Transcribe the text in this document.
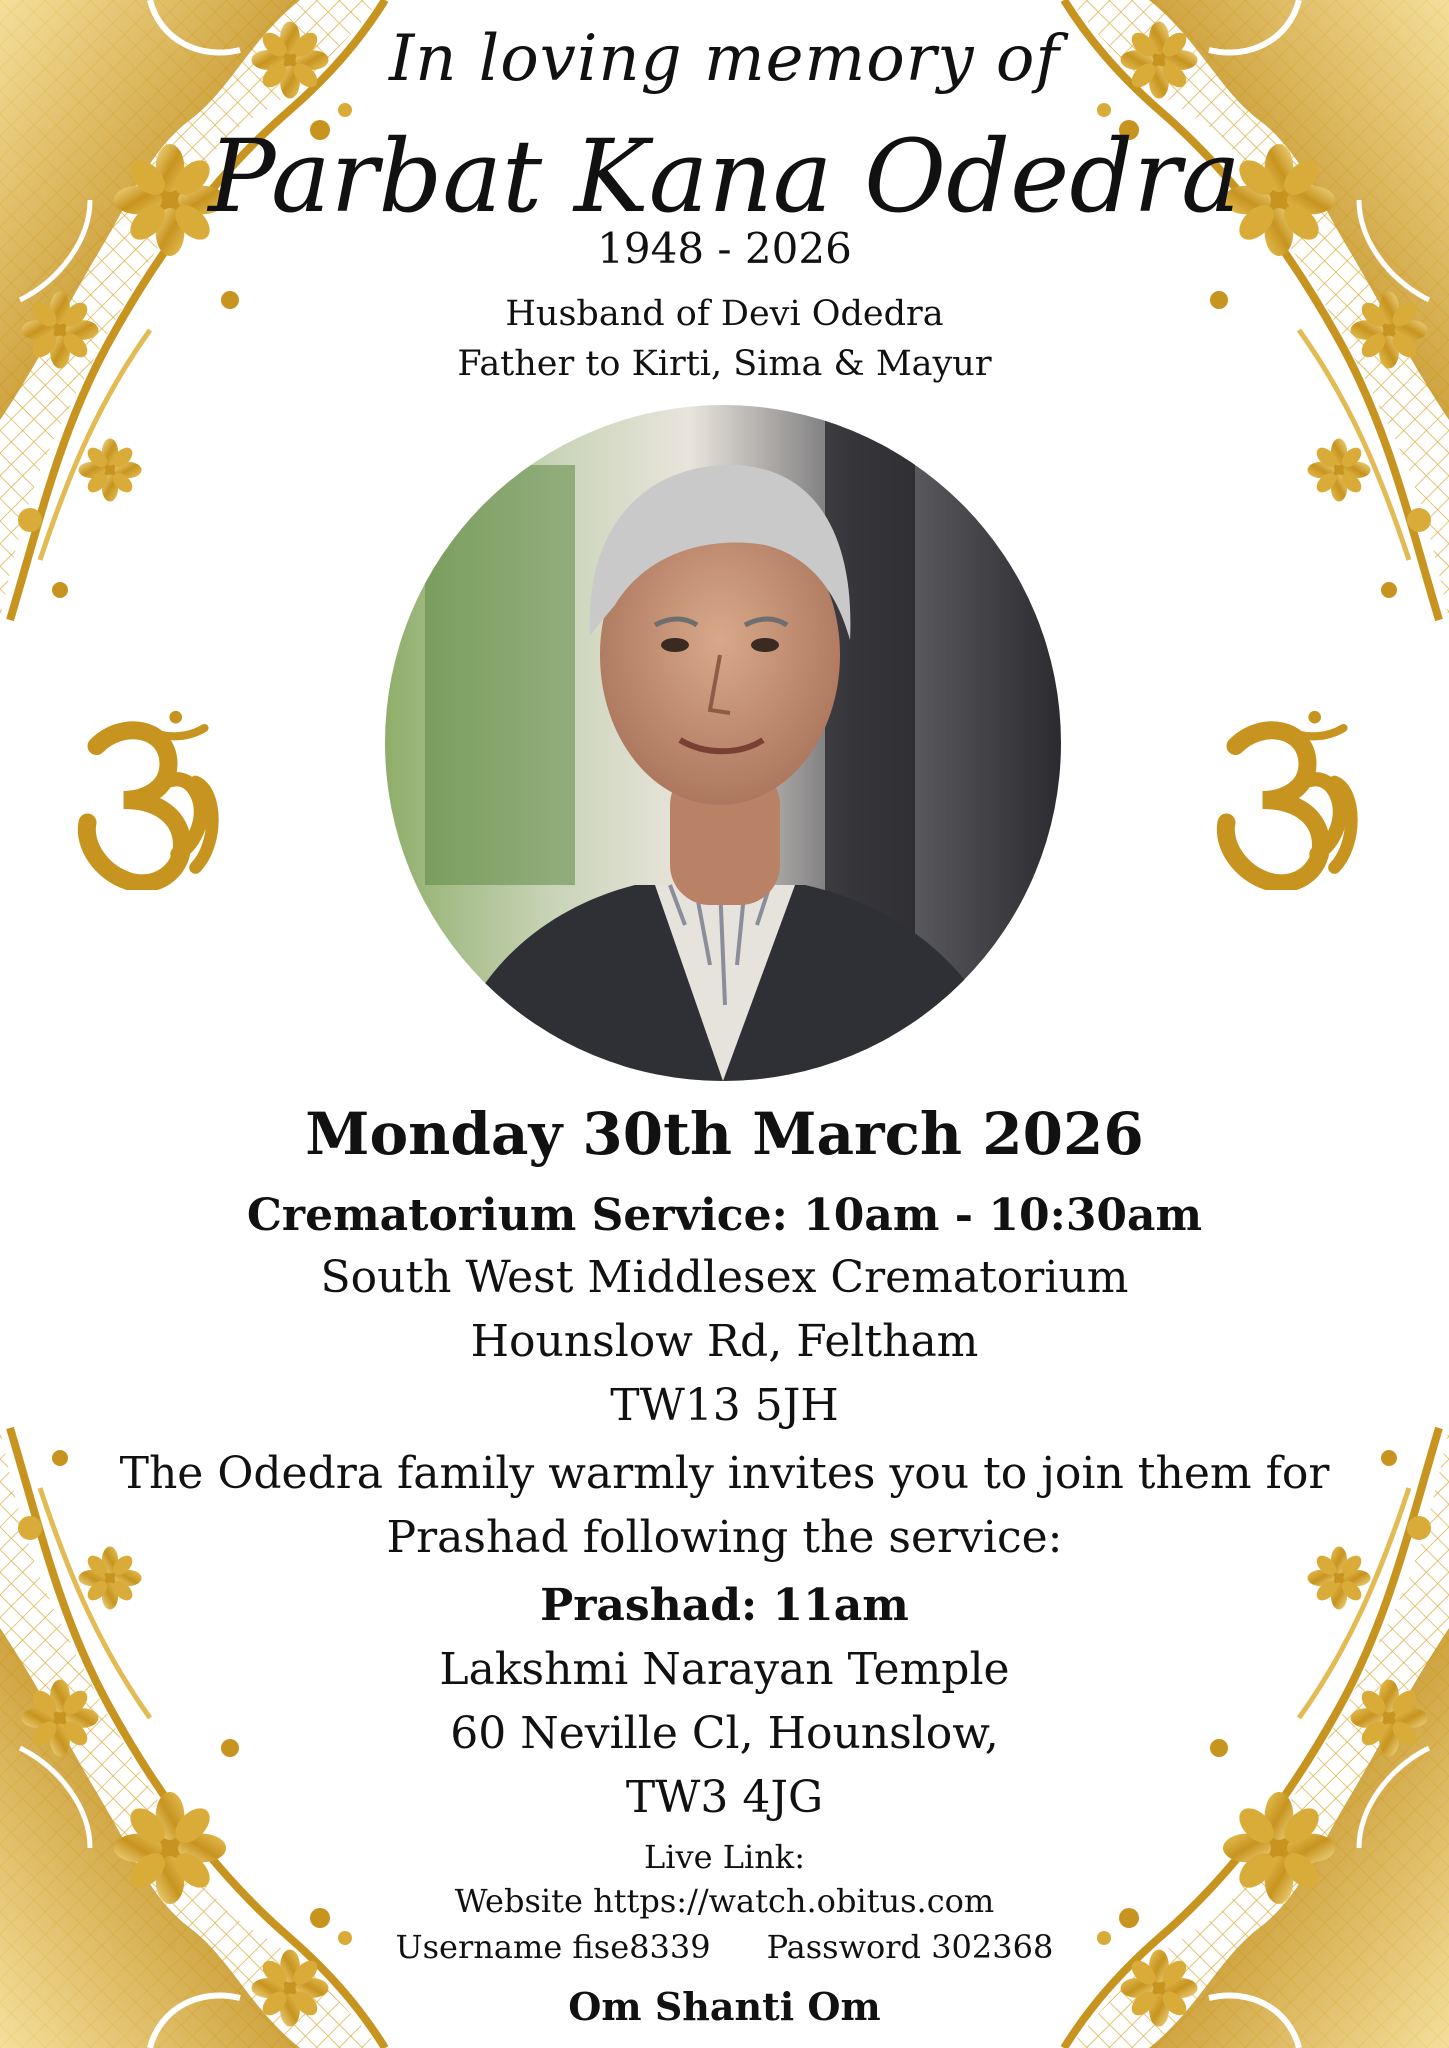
In loving memory of
Parbat Kana Odedra
1948 - 2026
Husband of Devi Odedra
Father to Kirti, Sima & Mayur
Monday 30th March 2026
Crematorium Service: 10am - 10:30am
South West Middlesex Crematorium
Hounslow Rd, Feltham
TW13 5JH
The Odedra family warmly invites you to join them for
Prashad following the service:
Prashad: 11am
Lakshmi Narayan Temple
60 Neville Cl, Hounslow,
TW3 4JG
Live Link:
Website https://watch.obitus.com
Username fise8339 Password 302368
Om Shanti Om
